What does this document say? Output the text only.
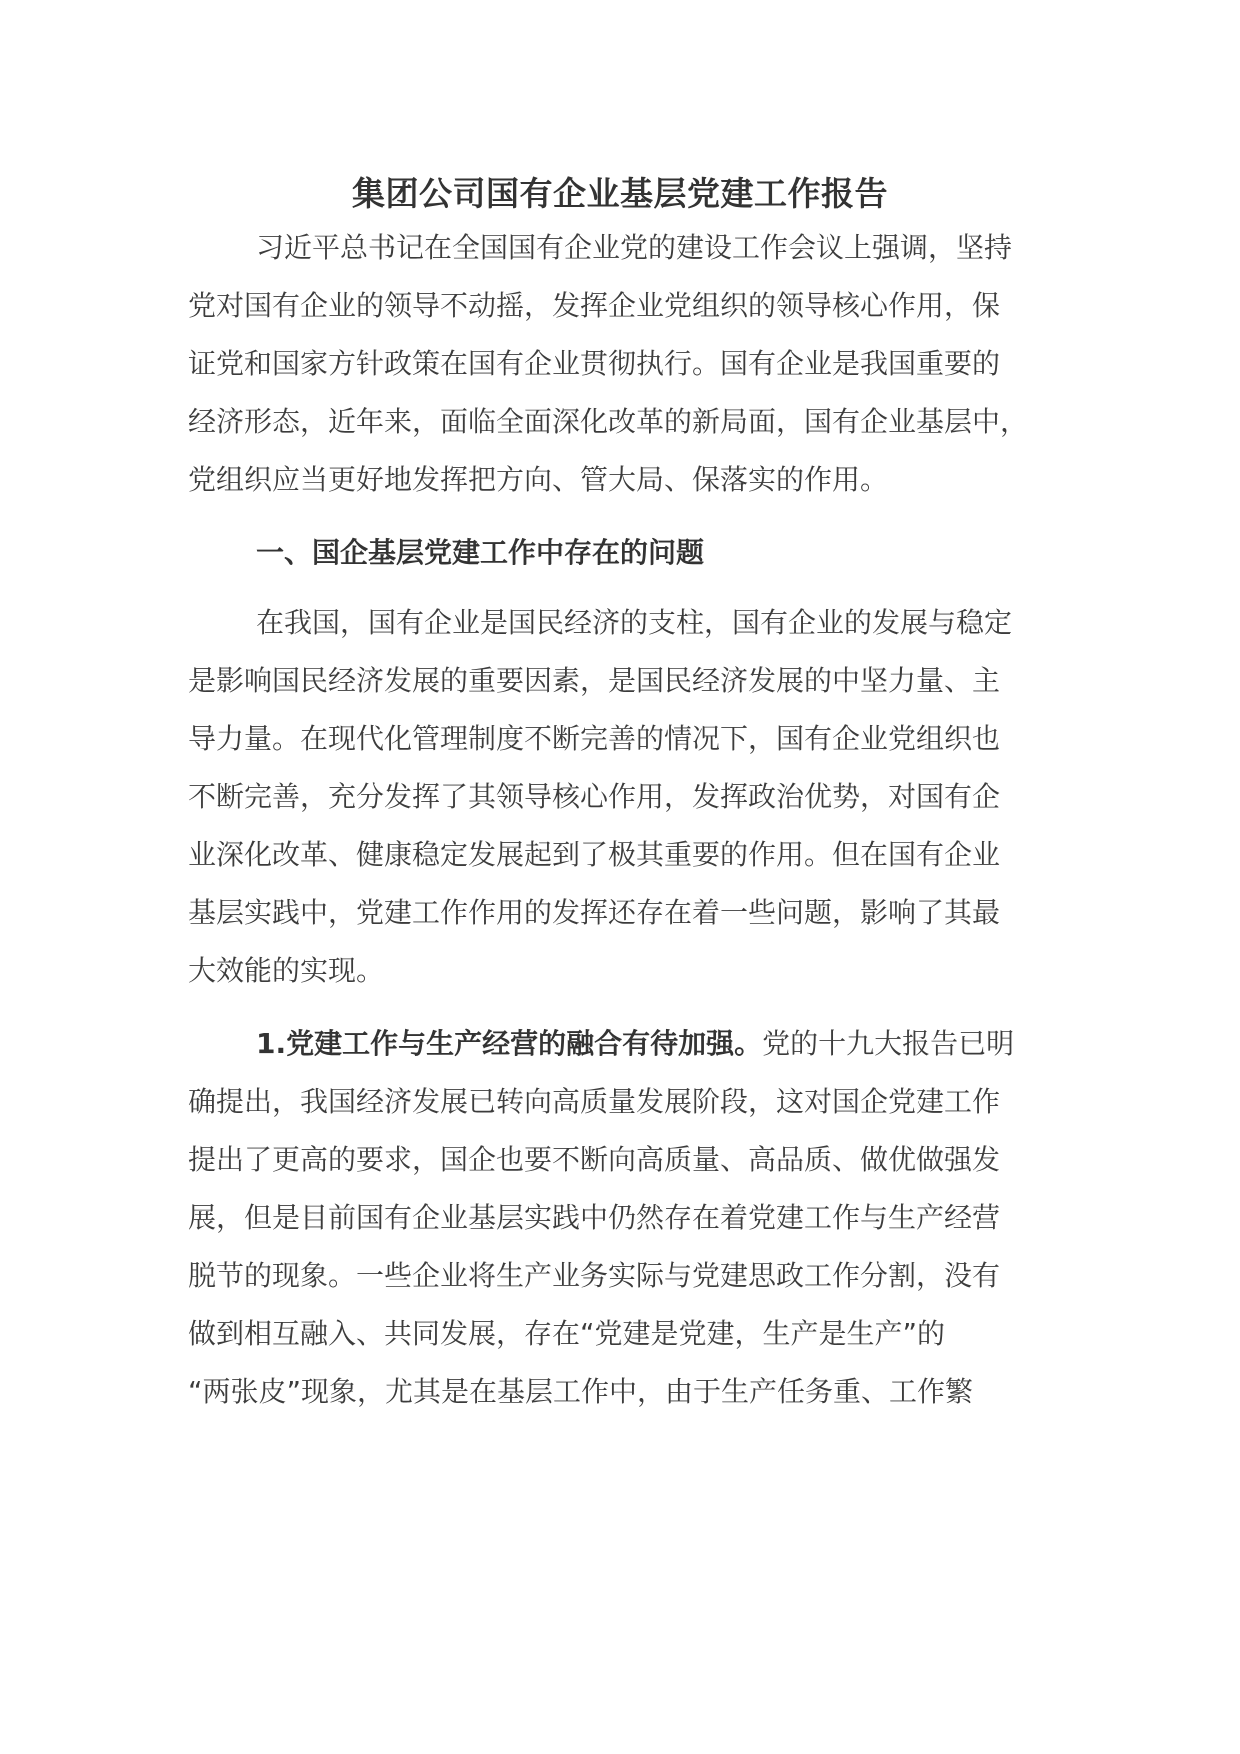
集团公司国有企业基层党建工作报告
习近平总书记在全国国有企业党的建设工作会议上强调，坚持
党对国有企业的领导不动摇，发挥企业党组织的领导核心作用，保
证党和国家方针政策在国有企业贯彻执行。国有企业是我国重要的
经济形态，近年来，面临全面深化改革的新局面，国有企业基层中，
党组织应当更好地发挥把方向、管大局、保落实的作用。
一、国企基层党建工作中存在的问题
在我国，国有企业是国民经济的支柱，国有企业的发展与稳定
是影响国民经济发展的重要因素，是国民经济发展的中坚力量、主
导力量。在现代化管理制度不断完善的情况下，国有企业党组织也
不断完善，充分发挥了其领导核心作用，发挥政治优势，对国有企
业深化改革、健康稳定发展起到了极其重要的作用。但在国有企业
基层实践中，党建工作作用的发挥还存在着一些问题，影响了其最
大效能的实现。
1.党建工作与生产经营的融合有待加强。党的十九大报告已明
确提出，我国经济发展已转向高质量发展阶段，这对国企党建工作
提出了更高的要求，国企也要不断向高质量、高品质、做优做强发
展，但是目前国有企业基层实践中仍然存在着党建工作与生产经营
脱节的现象。一些企业将生产业务实际与党建思政工作分割，没有
做到相互融入、共同发展，存在“党建是党建，生产是生产”的
“两张皮”现象，尤其是在基层工作中，由于生产任务重、工作繁
